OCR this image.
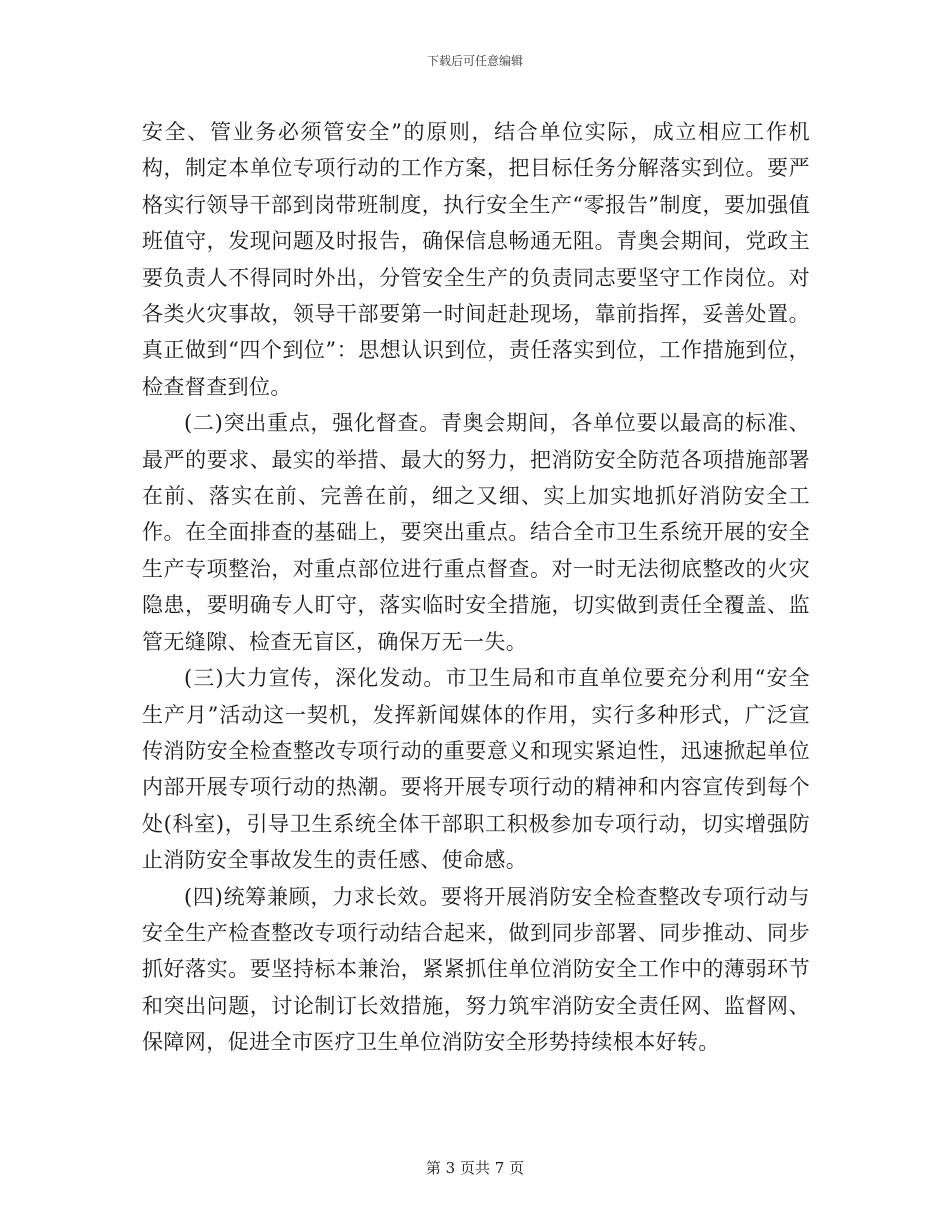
下载后可任意编辑

安全、管业务必须管安全”的原则，结合单位实际，成立相应工作机构，制定本单位专项行动的工作方案，把目标任务分解落实到位。要严格实行领导干部到岗带班制度，执行安全生产“零报告”制度，要加强值班值守，发现问题及时报告，确保信息畅通无阻。青奥会期间，党政主要负责人不得同时外出，分管安全生产的负责同志要坚守工作岗位。对各类火灾事故，领导干部要第一时间赶赴现场，靠前指挥，妥善处置。真正做到“四个到位”：思想认识到位，责任落实到位，工作措施到位，检查督查到位。

(二)突出重点，强化督查。青奥会期间，各单位要以最高的标准、最严的要求、最实的举措、最大的努力，把消防安全防范各项措施部署在前、落实在前、完善在前，细之又细、实上加实地抓好消防安全工作。在全面排查的基础上，要突出重点。结合全市卫生系统开展的安全生产专项整治，对重点部位进行重点督查。对一时无法彻底整改的火灾隐患，要明确专人盯守，落实临时安全措施，切实做到责任全覆盖、监管无缝隙、检查无盲区，确保万无一失。

(三)大力宣传，深化发动。市卫生局和市直单位要充分利用“安全生产月”活动这一契机，发挥新闻媒体的作用，实行多种形式，广泛宣传消防安全检查整改专项行动的重要意义和现实紧迫性，迅速掀起单位内部开展专项行动的热潮。要将开展专项行动的精神和内容宣传到每个处(科室)，引导卫生系统全体干部职工积极参加专项行动，切实增强防止消防安全事故发生的责任感、使命感。

(四)统筹兼顾，力求长效。要将开展消防安全检查整改专项行动与安全生产检查整改专项行动结合起来，做到同步部署、同步推动、同步抓好落实。要坚持标本兼治，紧紧抓住单位消防安全工作中的薄弱环节和突出问题，讨论制订长效措施，努力筑牢消防安全责任网、监督网、保障网，促进全市医疗卫生单位消防安全形势持续根本好转。

第 3 页共 7 页
